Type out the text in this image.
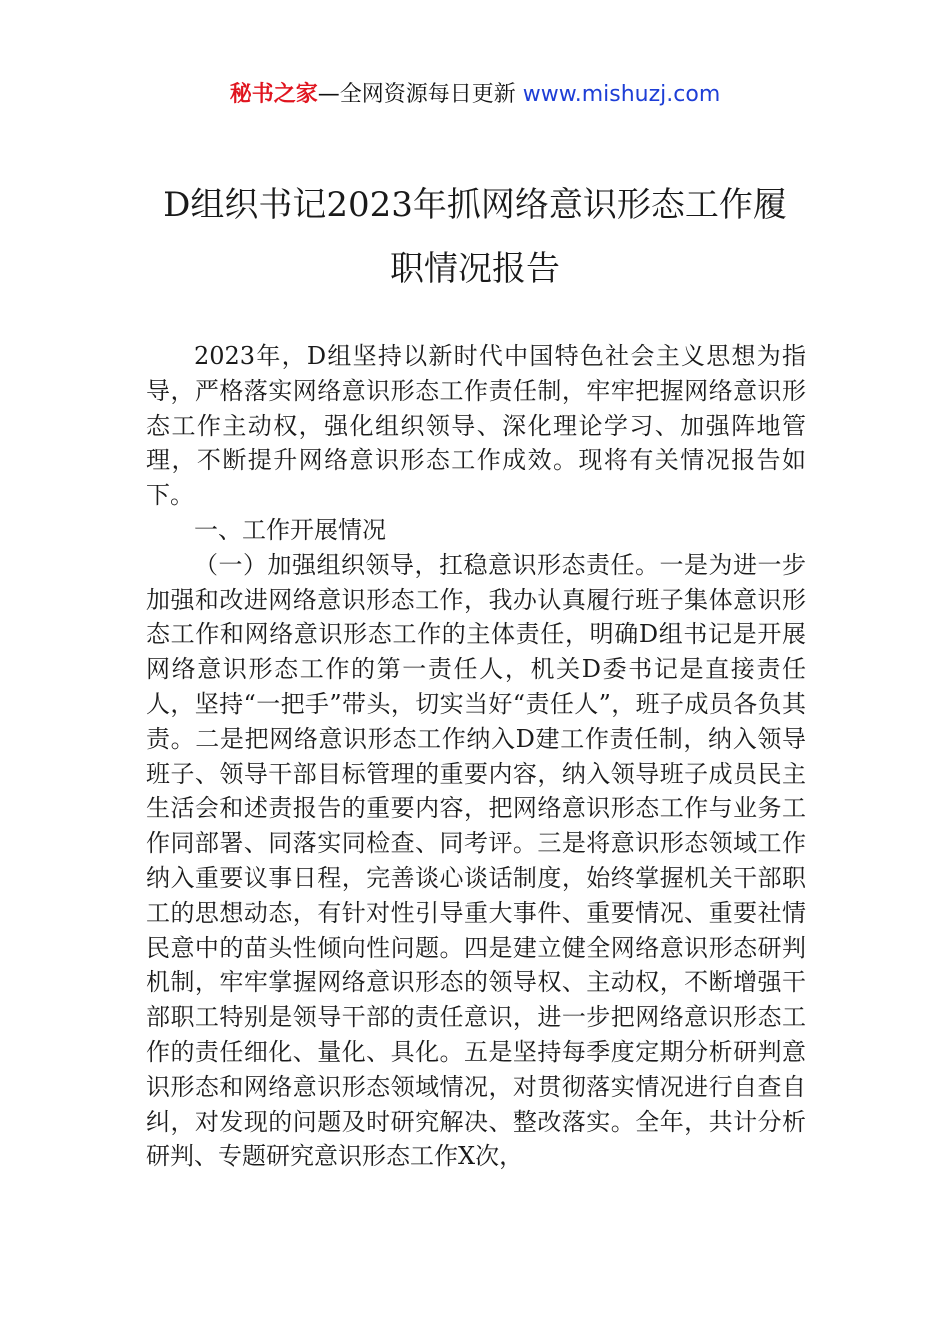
秘书之家—全网资源每日更新 www.mishuzj.com
D组织书记2023年抓网络意识形态工作履
职情况报告

2023年，D组坚持以新时代中国特色社会主义思想为指导，严格落实网络意识形态工作责任制，牢牢把握网络意识形态工作主动权，强化组织领导、深化理论学习、加强阵地管理，不断提升网络意识形态工作成效。现将有关情况报告如下。

一、工作开展情况

（一）加强组织领导，扛稳意识形态责任。一是为进一步加强和改进网络意识形态工作，我办认真履行班子集体意识形态工作和网络意识形态工作的主体责任，明确D组书记是开展网络意识形态工作的第一责任人，机关D委书记是直接责任人，坚持“一把手”带头，切实当好“责任人”，班子成员各负其责。二是把网络意识形态工作纳入D建工作责任制，纳入领导班子、领导干部目标管理的重要内容，纳入领导班子成员民主生活会和述责报告的重要内容，把网络意识形态工作与业务工作同部署、同落实同检查、同考评。三是将意识形态领域工作纳入重要议事日程，完善谈心谈话制度，始终掌握机关干部职工的思想动态，有针对性引导重大事件、重要情况、重要社情民意中的苗头性倾向性问题。四是建立健全网络意识形态研判机制，牢牢掌握网络意识形态的领导权、主动权，不断增强干部职工特别是领导干部的责任意识，进一步把网络意识形态工作的责任细化、量化、具化。五是坚持每季度定期分析研判意识形态和网络意识形态领域情况，对贯彻落实情况进行自查自纠，对发现的问题及时研究解决、整改落实。全年，共计分析研判、专题研究意识形态工作X次，
